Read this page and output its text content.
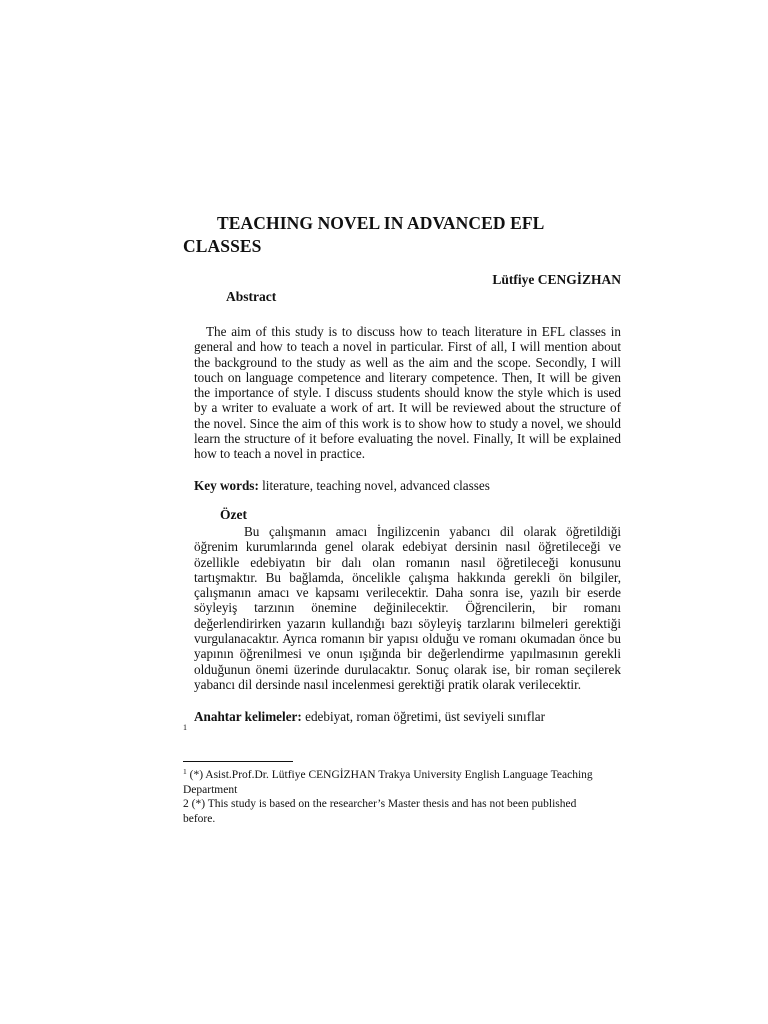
TEACHING NOVEL IN ADVANCED EFL
CLASSES
Lütfiye CENGİZHAN
Abstract
The aim of this study is to discuss how to teach literature in EFL classes in general and how to teach a novel in particular. First of all, I will mention about the background to the study as well as the aim and the scope. Secondly, I will touch on language competence and literary competence. Then, It will be given the importance of style. I discuss students should know the style which is used by a writer to evaluate a work of art. It will be reviewed about the structure of the novel. Since the aim of this work is to show how to study a novel, we should learn the structure of it before evaluating the novel. Finally, It will be explained how to teach a novel in practice.
Key words: literature, teaching novel, advanced classes
Özet
Bu çalışmanın amacı İngilizcenin yabancı dil olarak öğretildiği öğrenim kurumlarında genel olarak edebiyat dersinin nasıl öğretileceği ve özellikle edebiyatın bir dalı olan romanın nasıl öğretileceği konusunu tartışmaktır. Bu bağlamda, öncelikle çalışma hakkında gerekli ön bilgiler, çalışmanın amacı ve kapsamı verilecektir. Daha sonra ise, yazılı bir eserde söyleyiş tarzının önemine değinilecektir. Öğrencilerin, bir romanı değerlendirirken yazarın kullandığı bazı söyleyiş tarzlarını bilmeleri gerektiği vurgulanacaktır. Ayrıca romanın bir yapısı olduğu ve romanı okumadan önce bu yapının öğrenilmesi ve onun ışığında bir değerlendirme yapılmasının gerekli olduğunun önemi üzerinde durulacaktır. Sonuç olarak ise, bir roman seçilerek yabancı dil dersinde nasıl incelenmesi gerektiği pratik olarak verilecektir.
Anahtar kelimeler: edebiyat, roman öğretimi, üst seviyeli sınıflar
1
$^1$ (*) Asist.Prof.Dr. Lütfiye CENGİZHAN Trakya University English Language Teaching Department
2 (*) This study is based on the researcher’s Master thesis and has not been published before.
